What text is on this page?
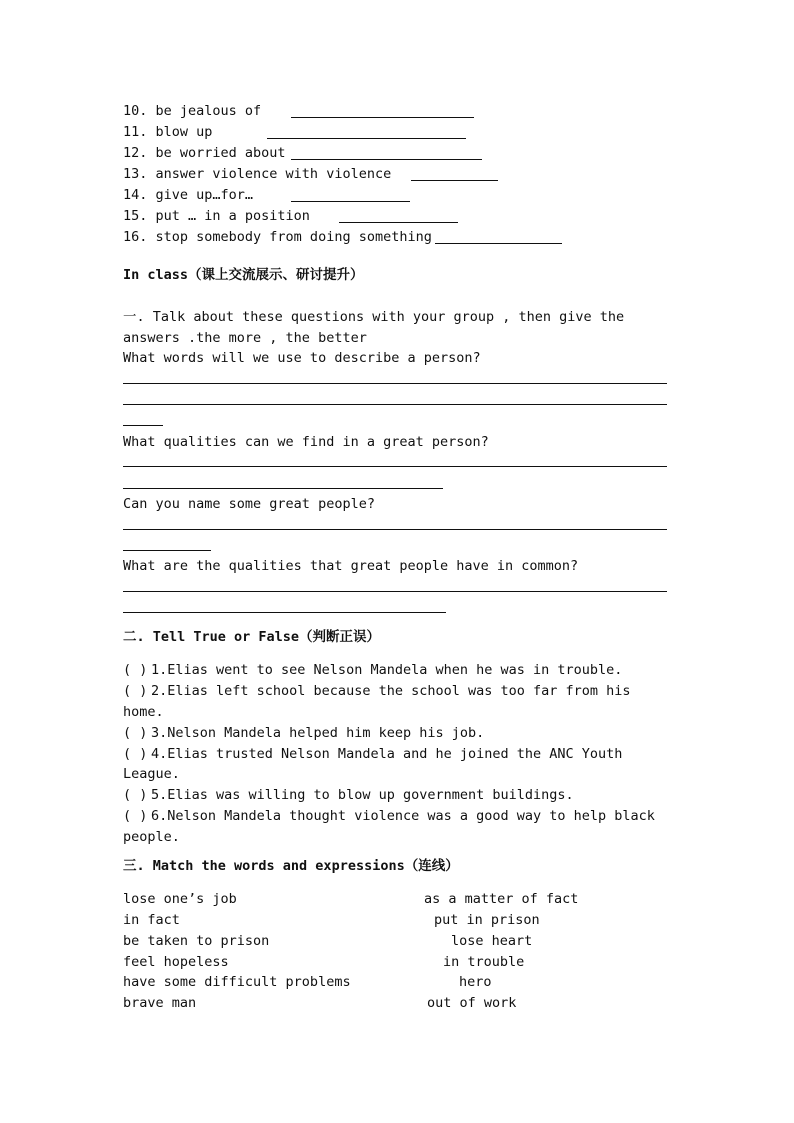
10. be jealous of
11. blow up
12. be worried about
13. answer violence with violence
14. give up…for…
15. put … in a position
16. stop somebody from doing something
In class（课上交流展示、研讨提升）
一. Talk about these questions with your group , then give the
answers .the more , the better
What words will we use to describe a person?
What qualities can we find in a great person?
Can you name some great people?
What are the qualities that great people have in common?
二. Tell True or False（判断正误）
( ) 1.Elias went to see Nelson Mandela when he was in trouble.
( ) 2.Elias left school because the school was too far from his
home.
( ) 3.Nelson Mandela helped him keep his job.
( ) 4.Elias trusted Nelson Mandela and he joined the ANC Youth
League.
( ) 5.Elias was willing to blow up government buildings.
( ) 6.Nelson Mandela thought violence was a good way to help black
people.
三. Match the words and expressions（连线）
lose one’s job	as a matter of fact
in fact	put in prison
be taken to prison	lose heart
feel hopeless	in trouble
have some difficult problems	hero
brave man	out of work
